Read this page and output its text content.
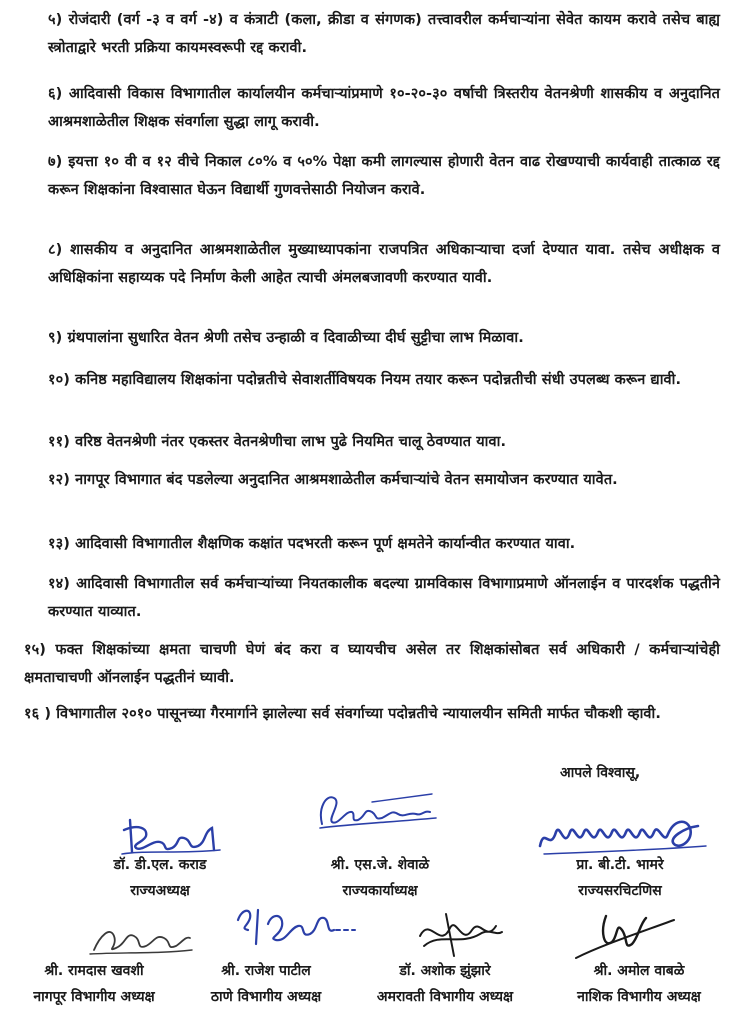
५) रोजंदारी (वर्ग -३ व वर्ग -४) व कंत्राटी (कला, क्रीडा व संगणक) तत्त्वावरील कर्मचाऱ्यांना सेवेत कायम करावे तसेच बाह्य स्त्रोताद्वारे भरती प्रक्रिया कायमस्वरूपी रद्द करावी.

६) आदिवासी विकास विभागातील कार्यालयीन कर्मचाऱ्यांप्रमाणे १०-२०-३० वर्षाची त्रिस्तरीय वेतनश्रेणी शासकीय व अनुदानित आश्रमशाळेतील शिक्षक संवर्गाला सुद्धा लागू करावी.

७) इयत्ता १० वी व १२ वीचे निकाल ८०% व ५०% पेक्षा कमी लागल्यास होणारी वेतन वाढ रोखण्याची कार्यवाही तात्काळ रद्द करून शिक्षकांना विश्वासात घेऊन विद्यार्थी गुणवत्तेसाठी नियोजन करावे.

८) शासकीय व अनुदानित आश्रमशाळेतील मुख्याध्यापकांना राजपत्रित अधिकाऱ्याचा दर्जा देण्यात यावा. तसेच अधीक्षक व अधिक्षिकांना सहाय्यक पदे निर्माण केली आहेत त्याची अंमलबजावणी करण्यात यावी.

९) ग्रंथपालांना सुधारित वेतन श्रेणी तसेच उन्हाळी व दिवाळीच्या दीर्घ सुट्टीचा लाभ मिळावा.

१०) कनिष्ठ महाविद्यालय शिक्षकांना पदोन्नतीचे सेवाशर्तीविषयक नियम तयार करून पदोन्नतीची संधी उपलब्ध करून द्यावी.

११) वरिष्ठ वेतनश्रेणी नंतर एकस्तर वेतनश्रेणीचा लाभ पुढे नियमित चालू ठेवण्यात यावा.

१२) नागपूर विभागात बंद पडलेल्या अनुदानित आश्रमशाळेतील कर्मचाऱ्यांचे वेतन समायोजन करण्यात यावेत.

१३) आदिवासी विभागातील शैक्षणिक कक्षांत पदभरती करून पूर्ण क्षमतेने कार्यान्वीत करण्यात यावा.

१४) आदिवासी विभागातील सर्व कर्मचाऱ्यांच्या नियतकालीक बदल्या ग्रामविकास विभागाप्रमाणे ऑनलाईन व पारदर्शक पद्धतीने करण्यात याव्यात.

१५) फक्त शिक्षकांच्या क्षमता चाचणी घेणं बंद करा व घ्यायचीच असेल तर शिक्षकांसोबत सर्व अधिकारी / कर्मचाऱ्यांचेही क्षमताचाचणी ऑनलाईन पद्धतीनं घ्यावी.

१६ ) विभागातील २०१० पासूनच्या गैरमार्गाने झालेल्या सर्व संवर्गाच्या पदोन्नतीचे न्यायालयीन समिती मार्फत चौकशी व्हावी.

आपले विश्वासू,
डॉ. डी.एल. कराड
राज्यअध्यक्ष
श्री. एस.जे. शेवाळे
राज्यकार्याध्यक्ष
प्रा. बी.टी. भामरे
राज्यसरचिटणिस
श्री. रामदास खवशी
नागपूर विभागीय अध्यक्ष
श्री. राजेश पाटील
ठाणे विभागीय अध्यक्ष
डॉ. अशोक झुंझारे
अमरावती विभागीय अध्यक्ष
श्री. अमोल वाबळे
नाशिक विभागीय अध्यक्ष
